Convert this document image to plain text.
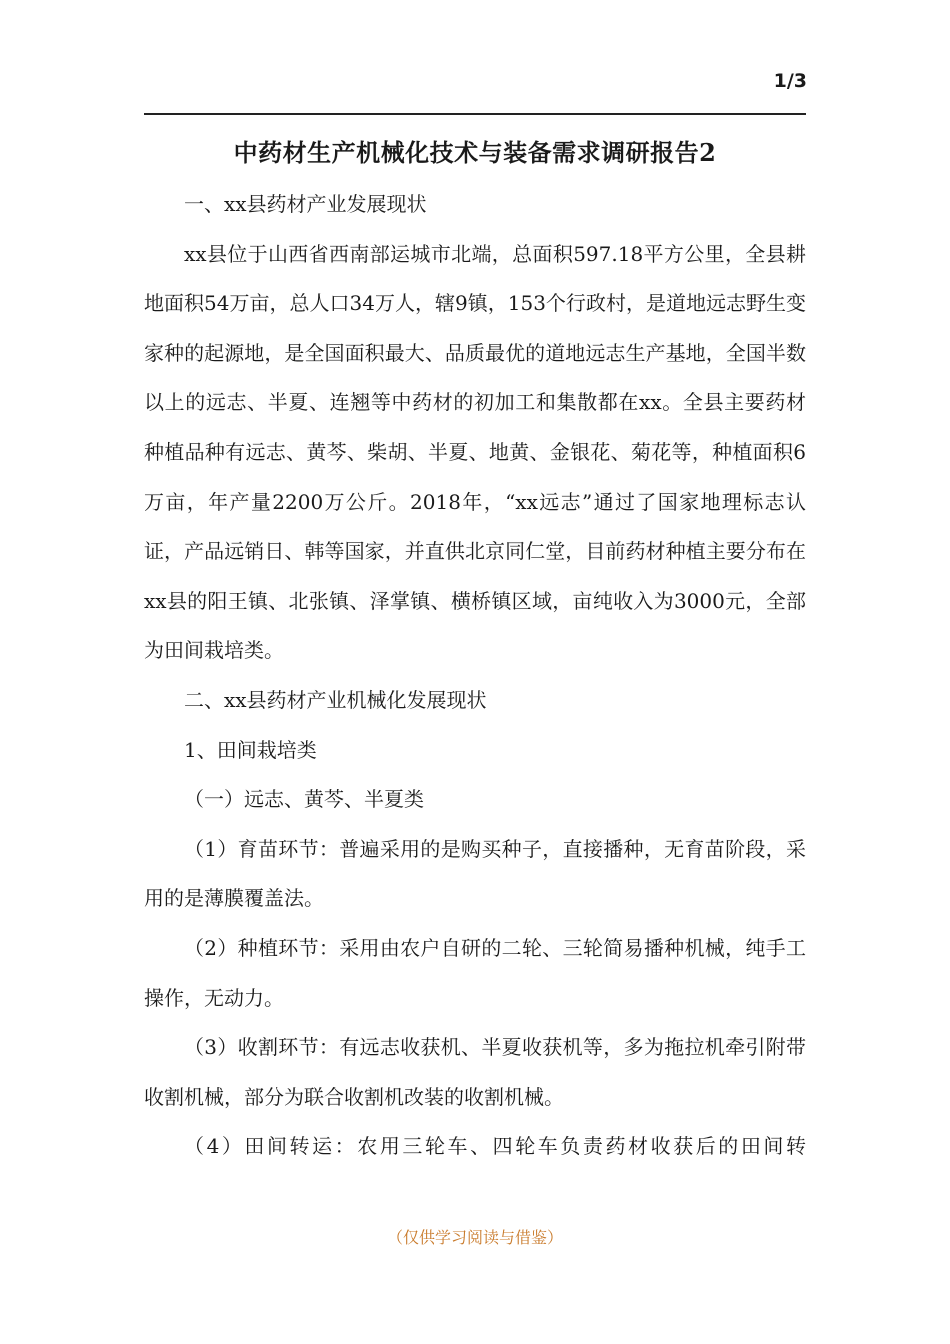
1/3
中药材生产机械化技术与装备需求调研报告2

一、xx县药材产业发展现状

xx县位于山西省西南部运城市北端，总面积597.18平方公里，全县耕地面积54万亩，总人口34万人，辖9镇，153个行政村，是道地远志野生变家种的起源地，是全国面积最大、品质最优的道地远志生产基地，全国半数以上的远志、半夏、连翘等中药材的初加工和集散都在xx。全县主要药材种植品种有远志、黄芩、柴胡、半夏、地黄、金银花、菊花等，种植面积6万亩，年产量2200万公斤。2018年，“xx远志”通过了国家地理标志认证，产品远销日、韩等国家，并直供北京同仁堂，目前药材种植主要分布在xx县的阳王镇、北张镇、泽掌镇、横桥镇区域，亩纯收入为3000元，全部为田间栽培类。

二、xx县药材产业机械化发展现状

1、田间栽培类

（一）远志、黄芩、半夏类

（1）育苗环节：普遍采用的是购买种子，直接播种，无育苗阶段，采用的是薄膜覆盖法。

（2）种植环节：采用由农户自研的二轮、三轮简易播种机械，纯手工操作，无动力。

（3）收割环节：有远志收获机、半夏收获机等，多为拖拉机牵引附带收割机械，部分为联合收割机改装的收割机械。

（4）田间转运：农用三轮车、四轮车负责药材收获后的田间转

（仅供学习阅读与借鉴）
